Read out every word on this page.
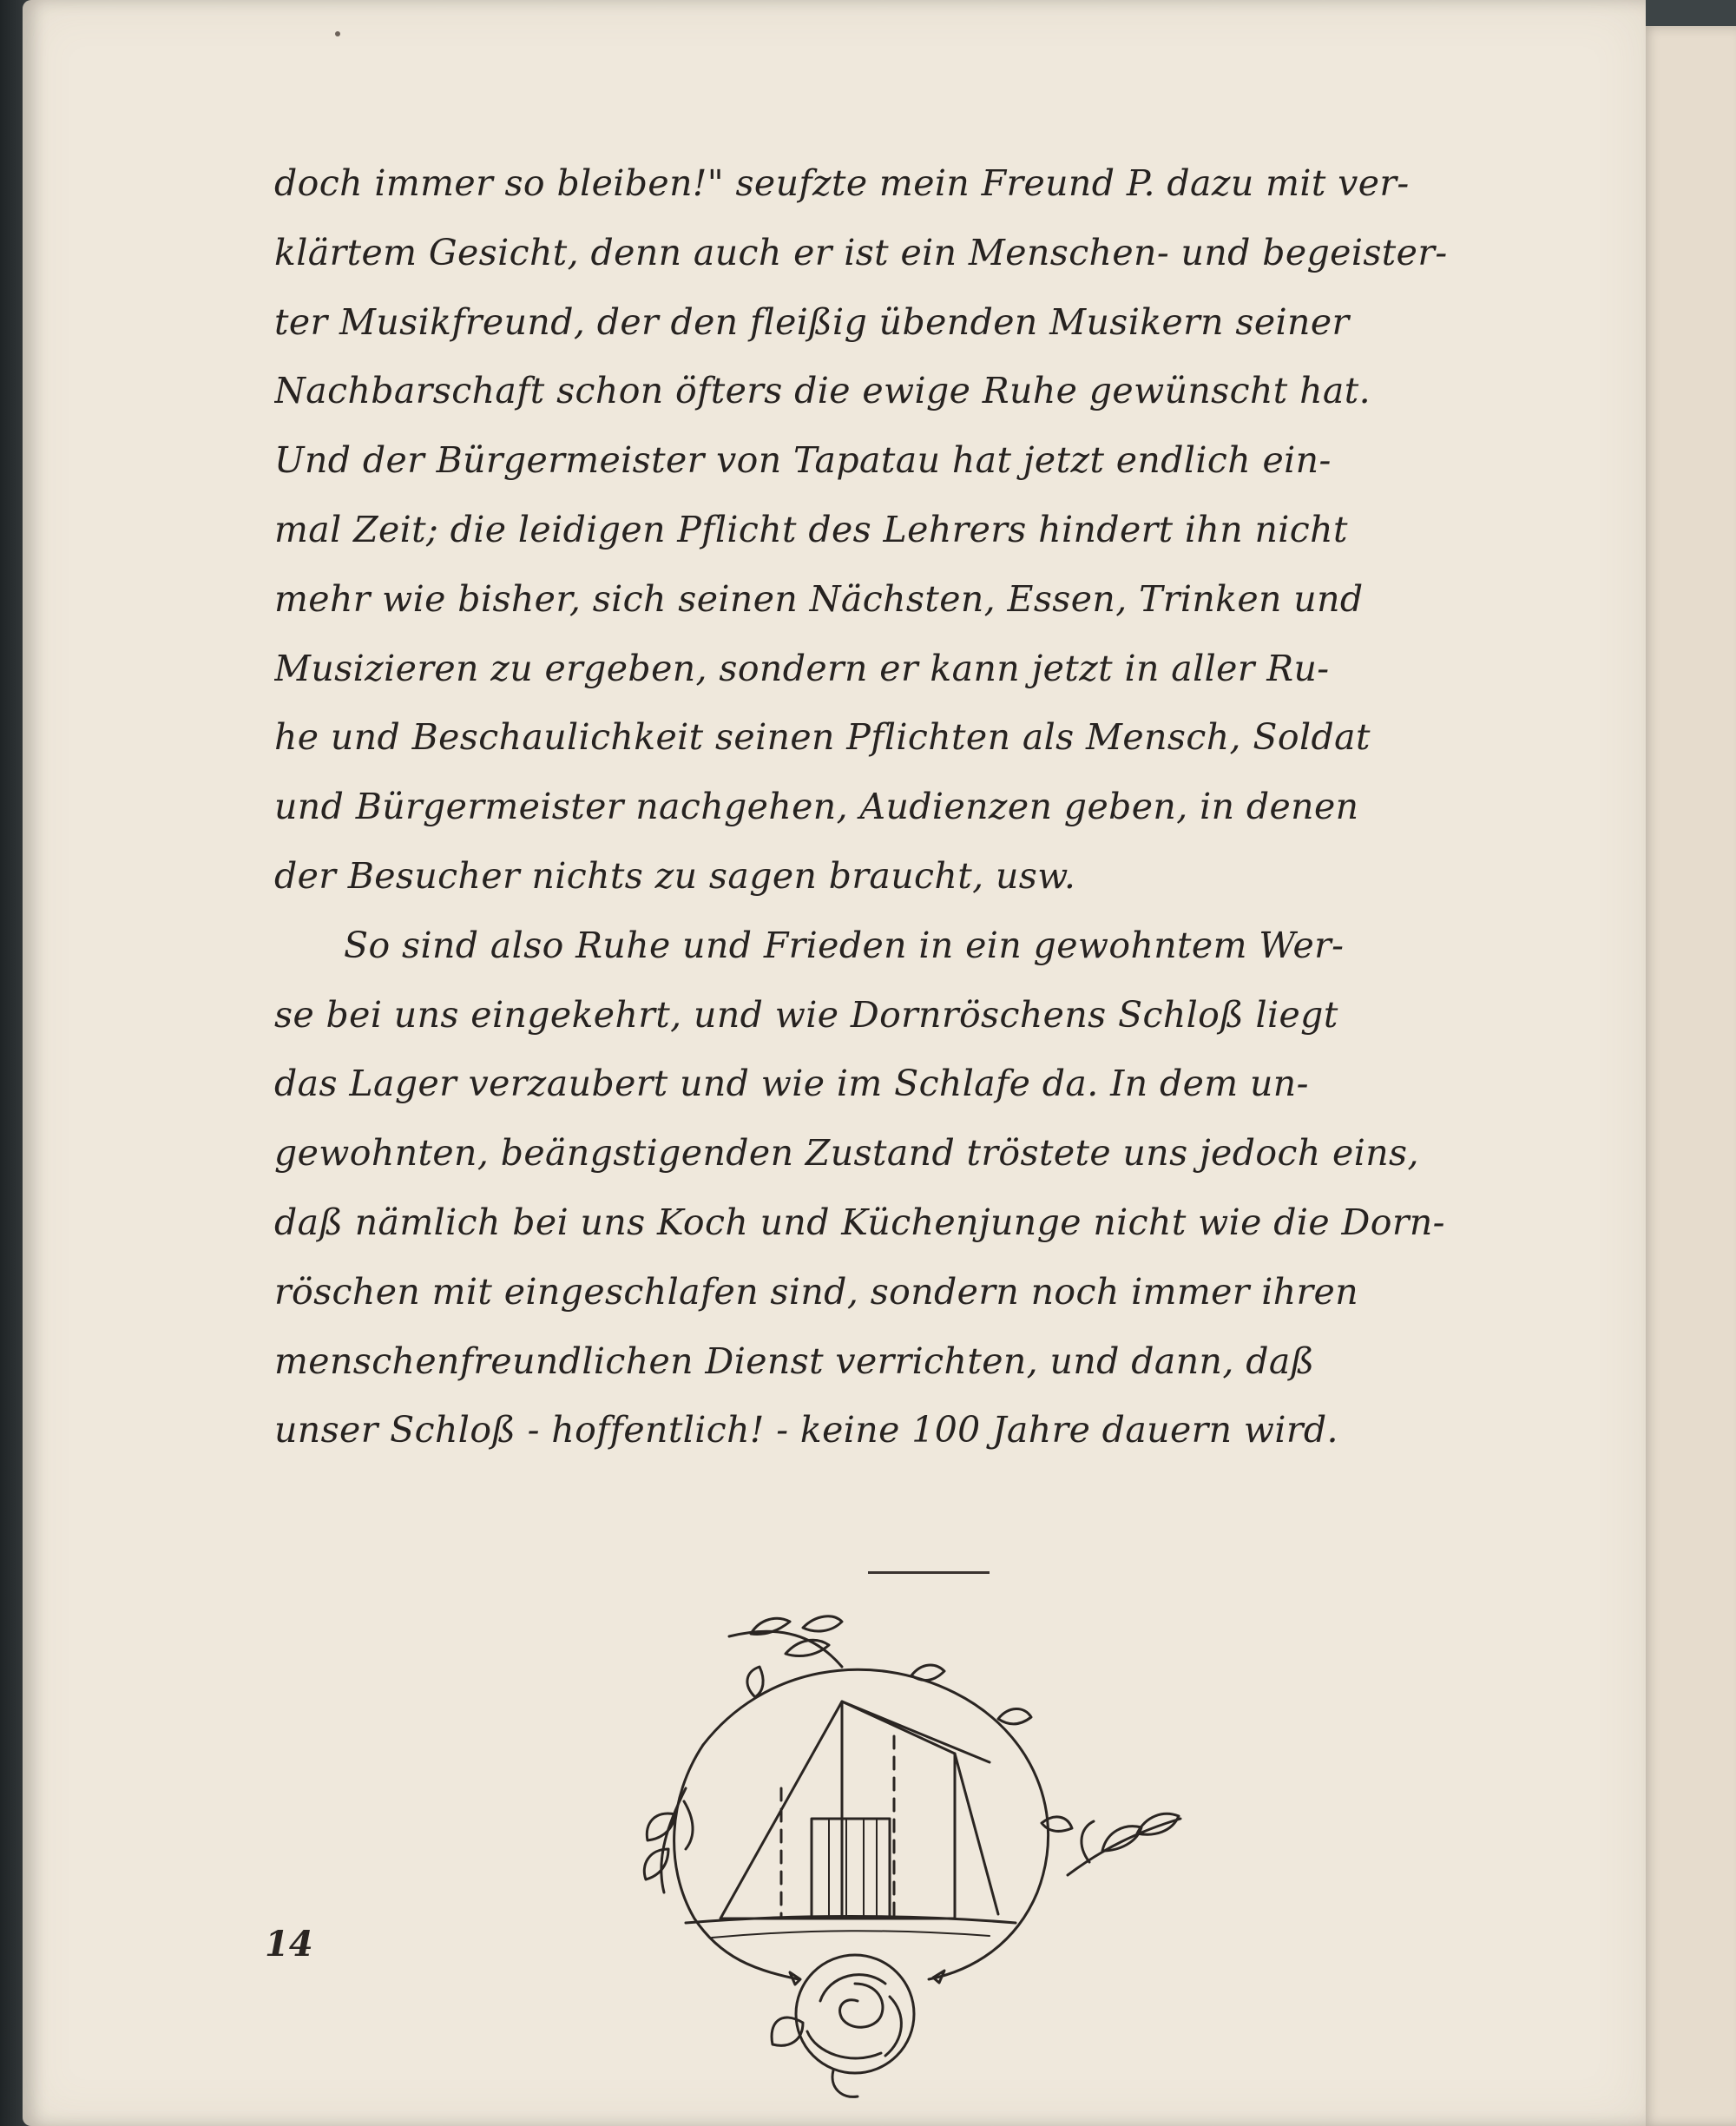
doch immer so bleiben!" seufzte mein Freund P. dazu mit ver-
klärtem Gesicht, denn auch er ist ein Menschen- und begeister-
ter Musikfreund, der den fleißig übenden Musikern seiner
Nachbarschaft schon öfters die ewige Ruhe gewünscht hat.
Und der Bürgermeister von Tapatau hat jetzt endlich ein-
mal Zeit; die leidigen Pflicht des Lehrers hindert ihn nicht
mehr wie bisher, sich seinen Nächsten, Essen, Trinken und
Musizieren zu ergeben, sondern er kann jetzt in aller Ru-
he und Beschaulichkeit seinen Pflichten als Mensch, Soldat
und Bürgermeister nachgehen, Audienzen geben, in denen
der Besucher nichts zu sagen braucht, usw.
So sind also Ruhe und Frieden in ein gewohntem Wer-
se bei uns eingekehrt, und wie Dornröschens Schloß liegt
das Lager verzaubert und wie im Schlafe da. In dem un-
gewohnten, beängstigenden Zustand tröstete uns jedoch eins,
daß nämlich bei uns Koch und Küchenjunge nicht wie die Dorn-
röschen mit eingeschlafen sind, sondern noch immer ihren
menschenfreundlichen Dienst verrichten, und dann, daß
unser Schloß - hoffentlich! - keine 100 Jahre dauern wird.
14
